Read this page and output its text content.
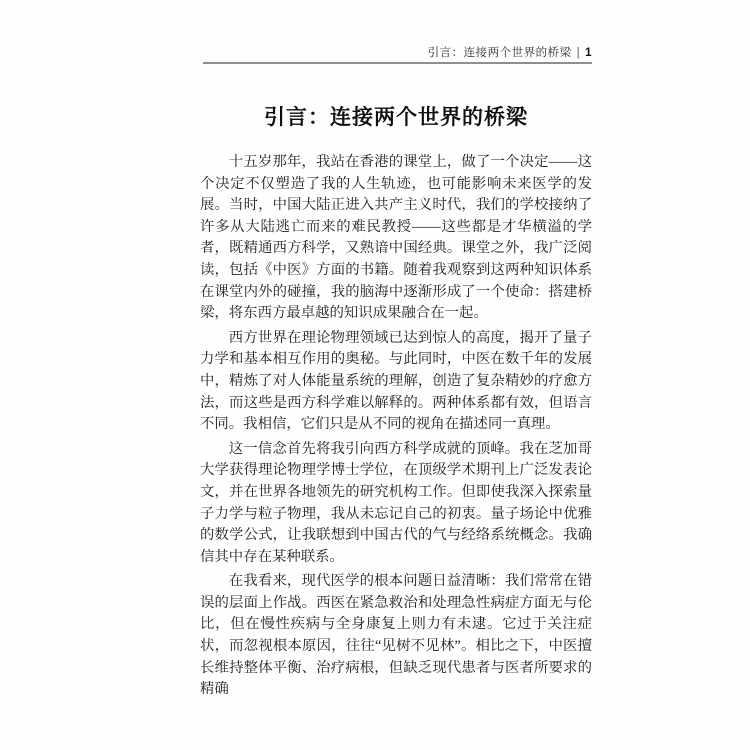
引言：连接两个世界的桥梁 | 1
引言：连接两个世界的桥梁

十五岁那年，我站在香港的课堂上，做了一个决定——这个决定不仅塑造了我的人生轨迹，也可能影响未来医学的发展。当时，中国大陆正进入共产主义时代，我们的学校接纳了许多从大陆逃亡而来的难民教授——这些都是才华横溢的学者，既精通西方科学，又熟谙中国经典。课堂之外，我广泛阅读，包括《中医》方面的书籍。随着我观察到这两种知识体系在课堂内外的碰撞，我的脑海中逐渐形成了一个使命：搭建桥梁，将东西方最卓越的知识成果融合在一起。

西方世界在理论物理领域已达到惊人的高度，揭开了量子力学和基本相互作用的奥秘。与此同时，中医在数千年的发展中，精炼了对人体能量系统的理解，创造了复杂精妙的疗愈方法，而这些是西方科学难以解释的。两种体系都有效，但语言不同。我相信，它们只是从不同的视角在描述同一真理。

这一信念首先将我引向西方科学成就的顶峰。我在芝加哥大学获得理论物理学博士学位，在顶级学术期刊上广泛发表论文，并在世界各地领先的研究机构工作。但即使我深入探索量子力学与粒子物理，我从未忘记自己的初衷。量子场论中优雅的数学公式，让我联想到中国古代的气与经络系统概念。我确信其中存在某种联系。

在我看来，现代医学的根本问题日益清晰：我们常常在错误的层面上作战。西医在紧急救治和处理急性病症方面无与伦比，但在慢性疾病与全身康复上则力有未逮。它过于关注症状，而忽视根本原因，往往“见树不见林”。相比之下，中医擅长维持整体平衡、治疗病根，但缺乏现代患者与医者所要求的精确
